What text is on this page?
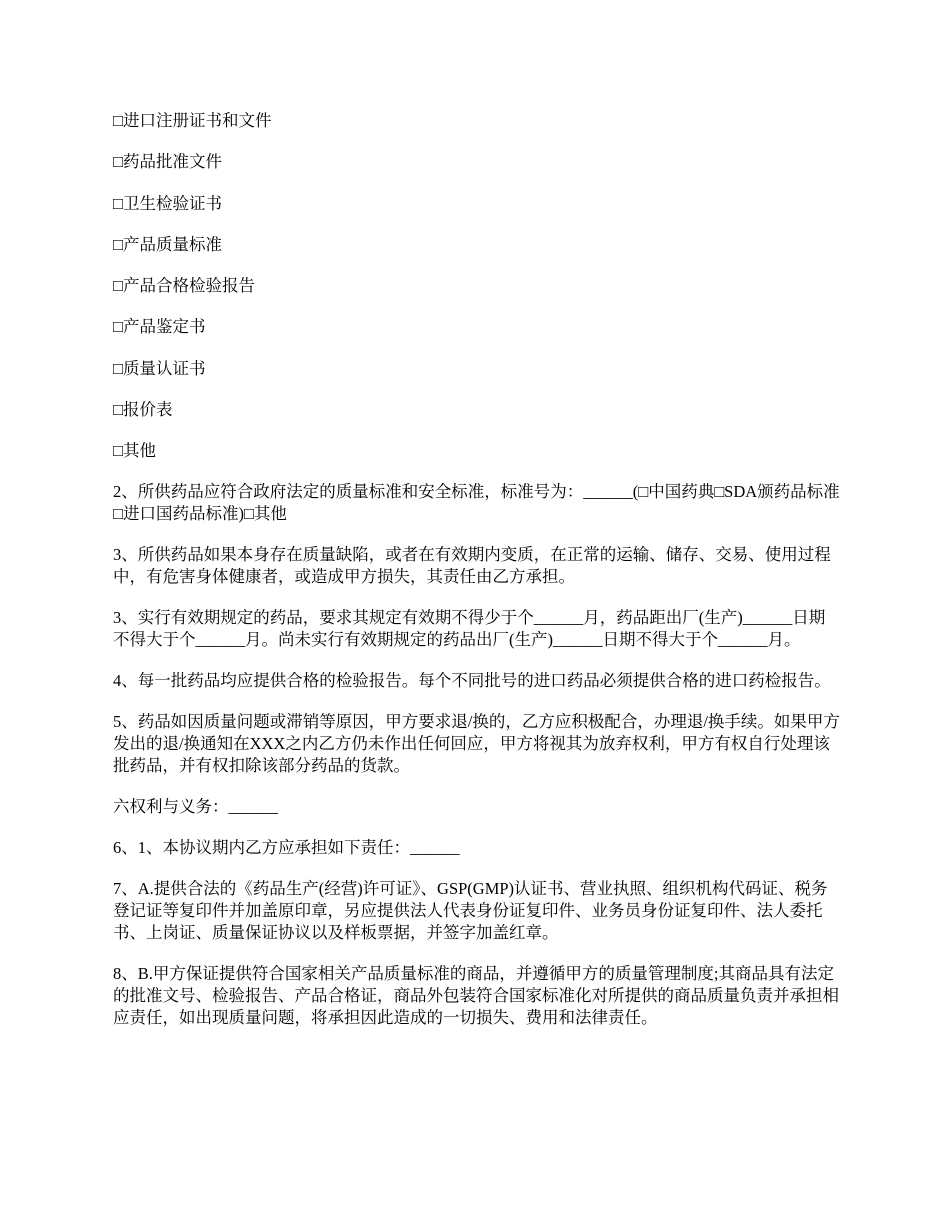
□进口注册证书和文件

□药品批准文件

□卫生检验证书

□产品质量标准

□产品合格检验报告

□产品鉴定书

□质量认证书

□报价表

□其他

2、所供药品应符合政府法定的质量标准和安全标准，标准号为：______(□中国药典□SDA颁药品标准□进口国药品标准)□其他

3、所供药品如果本身存在质量缺陷，或者在有效期内变质，在正常的运输、储存、交易、使用过程中，有危害身体健康者，或造成甲方损失，其责任由乙方承担。

3、实行有效期规定的药品，要求其规定有效期不得少于个______月，药品距出厂(生产)______日期不得大于个______月。尚未实行有效期规定的药品出厂(生产)______日期不得大于个______月。

4、每一批药品均应提供合格的检验报告。每个不同批号的进口药品必须提供合格的进口药检报告。

5、药品如因质量问题或滞销等原因，甲方要求退/换的，乙方应积极配合，办理退/换手续。如果甲方发出的退/换通知在XXX之内乙方仍未作出任何回应，甲方将视其为放弃权利，甲方有权自行处理该批药品，并有权扣除该部分药品的货款。

六权利与义务：______

6、1、本协议期内乙方应承担如下责任：______

7、A.提供合法的《药品生产(经营)许可证》、GSP(GMP)认证书、营业执照、组织机构代码证、税务登记证等复印件并加盖原印章，另应提供法人代表身份证复印件、业务员身份证复印件、法人委托书、上岗证、质量保证协议以及样板票据，并签字加盖红章。

8、B.甲方保证提供符合国家相关产品质量标准的商品，并遵循甲方的质量管理制度;其商品具有法定的批准文号、检验报告、产品合格证，商品外包装符合国家标准化对所提供的商品质量负责并承担相应责任，如出现质量问题，将承担因此造成的一切损失、费用和法律责任。
